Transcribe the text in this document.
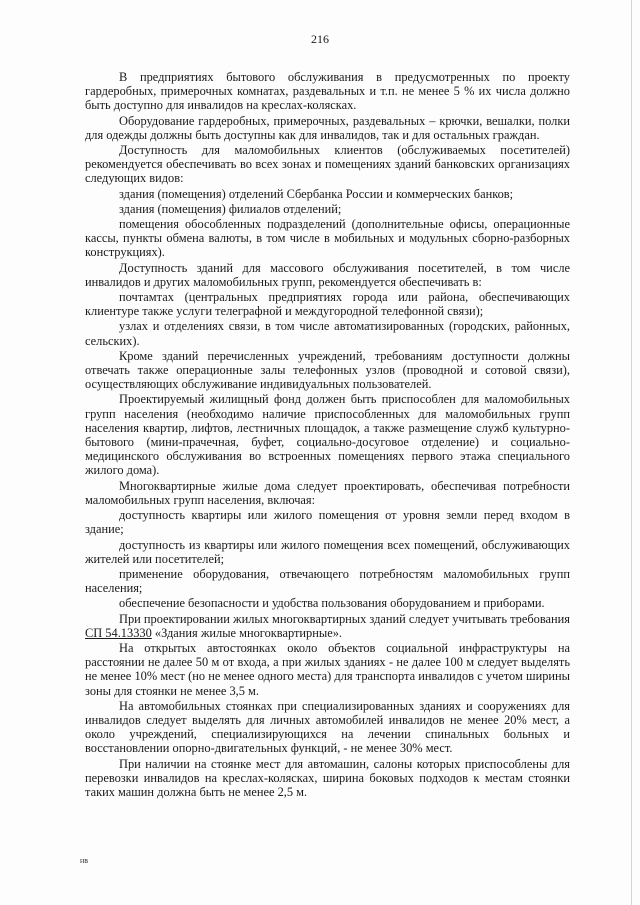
216

В предприятиях бытового обслуживания в предусмотренных по проекту гардеробных, примерочных комнатах, раздевальных и т.п. не менее 5 % их числа должно быть доступно для инвалидов на креслах-колясках.

Оборудование гардеробных, примерочных, раздевальных – крючки, вешалки, полки для одежды должны быть доступны как для инвалидов, так и для остальных граждан.

Доступность для маломобильных клиентов (обслуживаемых посетителей) рекомендуется обеспечивать во всех зонах и помещениях зданий банковских организациях следующих видов:

здания (помещения) отделений Сбербанка России и коммерческих банков;

здания (помещения) филиалов отделений;

помещения обособленных подразделений (дополнительные офисы, операционные кассы, пункты обмена валюты, в том числе в мобильных и модульных сборно-разборных конструкциях).

Доступность зданий для массового обслуживания посетителей, в том числе инвалидов и других маломобильных групп, рекомендуется обеспечивать в:

почтамтах (центральных предприятиях города или района, обеспечивающих клиентуре также услуги телеграфной и междугородной телефонной связи);

узлах и отделениях связи, в том числе автоматизированных (городских, районных, сельских).

Кроме зданий перечисленных учреждений, требованиям доступности должны отвечать также операционные залы телефонных узлов (проводной и сотовой связи), осуществляющих обслуживание индивидуальных пользователей.

Проектируемый жилищный фонд должен быть приспособлен для маломобильных групп населения (необходимо наличие приспособленных для маломобильных групп населения квартир, лифтов, лестничных площадок, а также размещение служб культурно-бытового (мини-прачечная, буфет, социально-досуговое отделение) и социально-медицинского обслуживания во встроенных помещениях первого этажа специального жилого дома).

Многоквартирные жилые дома следует проектировать, обеспечивая потребности маломобильных групп населения, включая:

доступность квартиры или жилого помещения от уровня земли перед входом в здание;

доступность из квартиры или жилого помещения всех помещений, обслуживающих жителей или посетителей;

применение оборудования, отвечающего потребностям маломобильных групп населения;

обеспечение безопасности и удобства пользования оборудованием и приборами.

При проектировании жилых многоквартирных зданий следует учитывать требования СП 54.13330 «Здания жилые многоквартирные».

На открытых автостоянках около объектов социальной инфраструктуры на расстоянии не далее 50 м от входа, а при жилых зданиях - не далее 100 м следует выделять не менее 10% мест (но не менее одного места) для транспорта инвалидов с учетом ширины зоны для стоянки не менее 3,5 м.

На автомобильных стоянках при специализированных зданиях и сооружениях для инвалидов следует выделять для личных автомобилей инвалидов не менее 20% мест, а около учреждений, специализирующихся на лечении спинальных больных и восстановлении опорно-двигательных функций, - не менее 30% мест.

При наличии на стоянке мест для автомашин, салоны которых приспособлены для перевозки инвалидов на креслах-колясках, ширина боковых подходов к местам стоянки таких машин должна быть не менее 2,5 м.

нв
